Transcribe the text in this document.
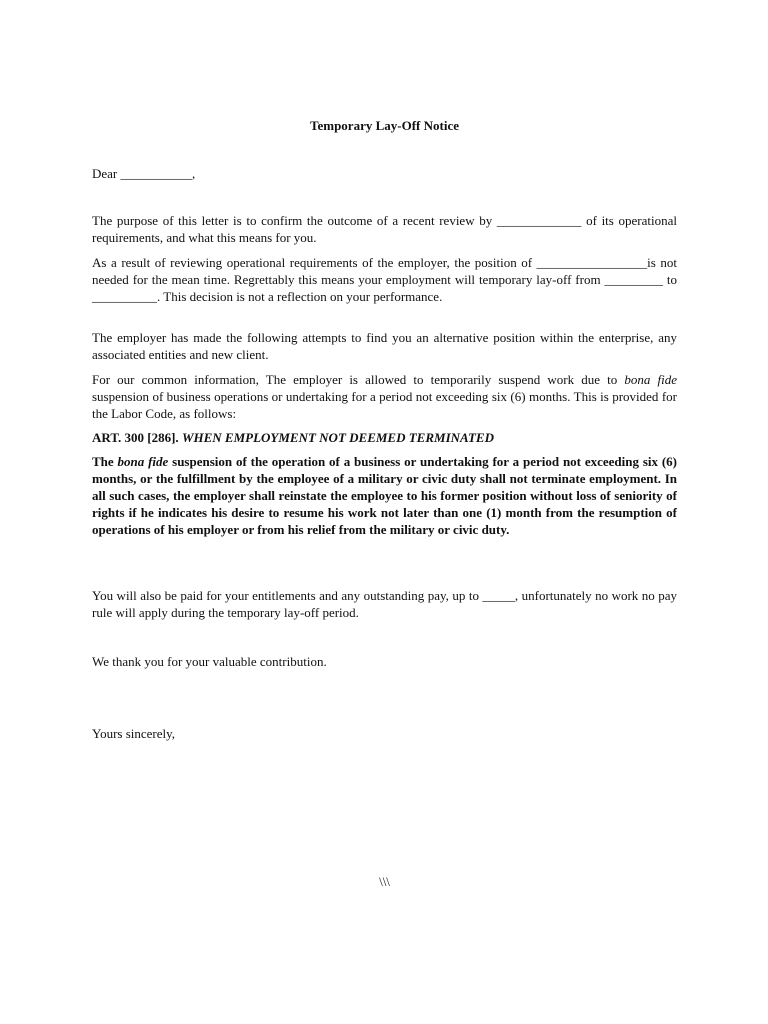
Temporary Lay-Off Notice
Dear ___________,

The purpose of this letter is to confirm the outcome of a recent review by _____________ of its operational requirements, and what this means for you.

As a result of reviewing operational requirements of the employer, the position of _________________is not needed for the mean time. Regrettably this means your employment will temporary lay-off from _________ to __________. This decision is not a reflection on your performance.

The employer has made the following attempts to find you an alternative position within the enterprise, any associated entities and new client.

For our common information, The employer is allowed to temporarily suspend work due to bona fide suspension of business operations or undertaking for a period not exceeding six (6) months. This is provided for the Labor Code, as follows:

ART. 300 [286]. WHEN EMPLOYMENT NOT DEEMED TERMINATED

The bona fide suspension of the operation of a business or undertaking for a period not exceeding six (6) months, or the fulfillment by the employee of a military or civic duty shall not terminate employment. In all such cases, the employer shall reinstate the employee to his former position without loss of seniority of rights if he indicates his desire to resume his work not later than one (1) month from the resumption of operations of his employer or from his relief from the military or civic duty.

You will also be paid for your entitlements and any outstanding pay, up to _____, unfortunately no work no pay rule will apply during the temporary lay-off period.

We thank you for your valuable contribution.

Yours sincerely,
\\\
